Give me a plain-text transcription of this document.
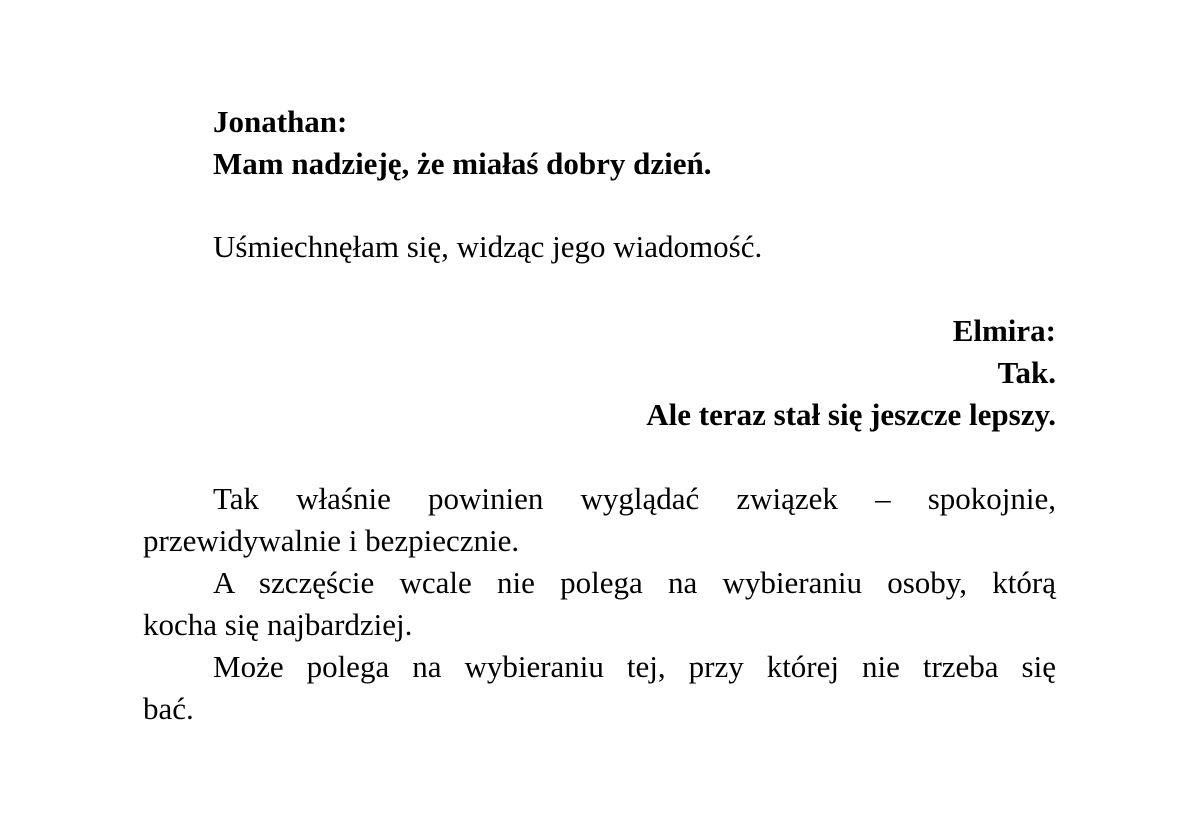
Jonathan:
Mam nadzieję, że miałaś dobry dzień.
Uśmiechnęłam się, widząc jego wiadomość.
Elmira:
Tak.
Ale teraz stał się jeszcze lepszy.
Tak właśnie powinien wyglądać związek – spokojnie,
przewidywalnie i bezpiecznie.
A szczęście wcale nie polega na wybieraniu osoby, którą
kocha się najbardziej.
Może polega na wybieraniu tej, przy której nie trzeba się
bać.
